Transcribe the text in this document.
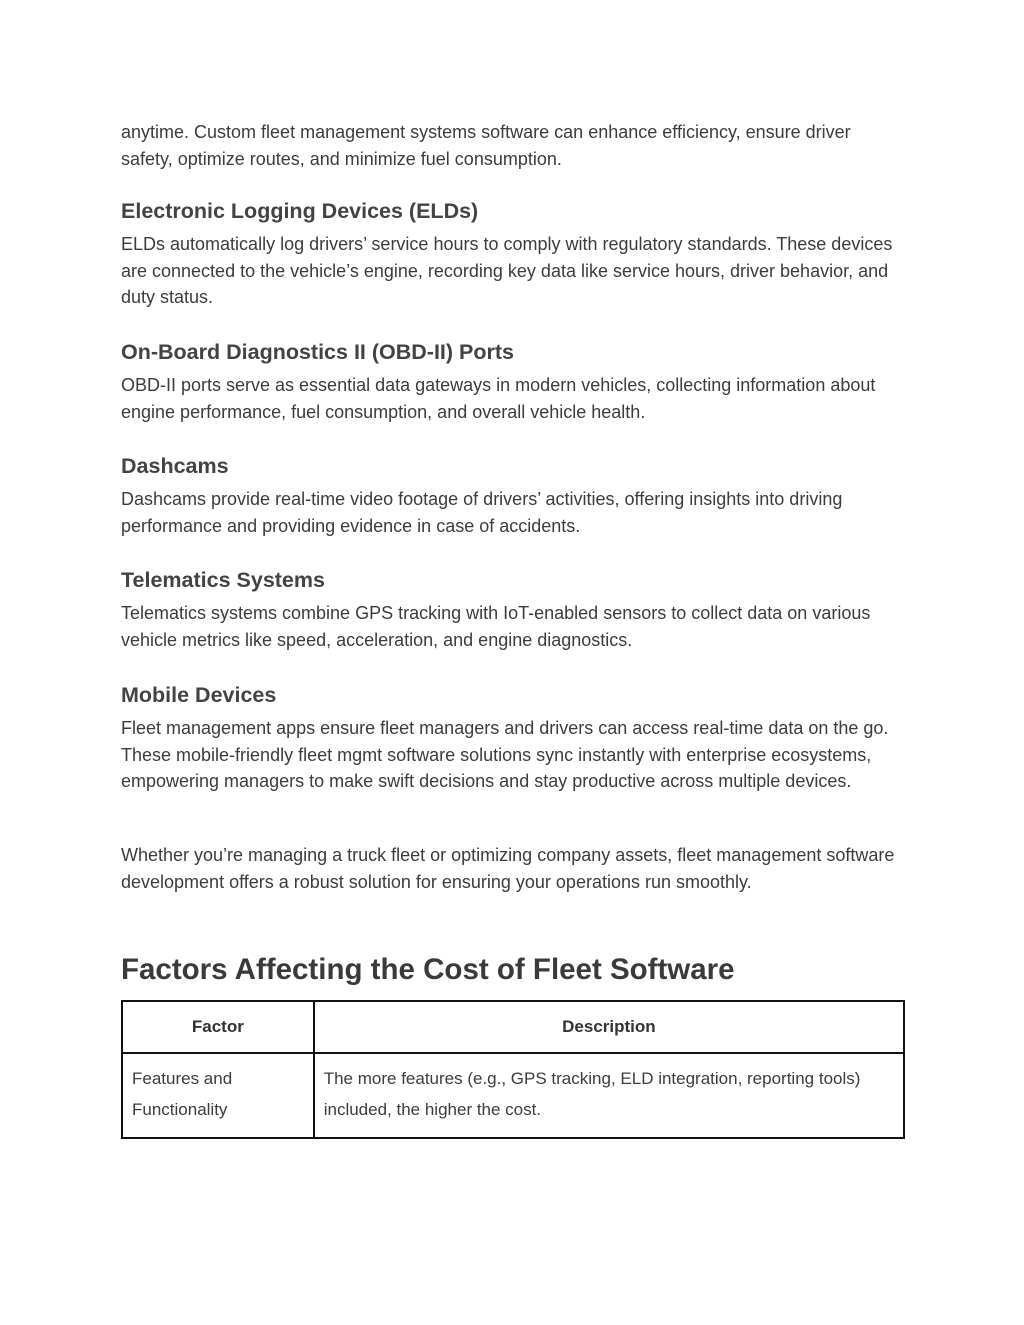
anytime. Custom fleet management systems software can enhance efficiency, ensure driver safety, optimize routes, and minimize fuel consumption.

Electronic Logging Devices (ELDs)

ELDs automatically log drivers’ service hours to comply with regulatory standards. These devices are connected to the vehicle’s engine, recording key data like service hours, driver behavior, and duty status.

On-Board Diagnostics II (OBD-II) Ports

OBD-II ports serve as essential data gateways in modern vehicles, collecting information about engine performance, fuel consumption, and overall vehicle health.

Dashcams

Dashcams provide real-time video footage of drivers’ activities, offering insights into driving performance and providing evidence in case of accidents.

Telematics Systems

Telematics systems combine GPS tracking with IoT-enabled sensors to collect data on various vehicle metrics like speed, acceleration, and engine diagnostics.

Mobile Devices

Fleet management apps ensure fleet managers and drivers can access real-time data on the go. These mobile-friendly fleet mgmt software solutions sync instantly with enterprise ecosystems, empowering managers to make swift decisions and stay productive across multiple devices.

Whether you’re managing a truck fleet or optimizing company assets, fleet management software development offers a robust solution for ensuring your operations run smoothly.

Factors Affecting the Cost of Fleet Software
Factor	Description
Features and Functionality	The more features (e.g., GPS tracking, ELD integration, reporting tools) included, the higher the cost.
